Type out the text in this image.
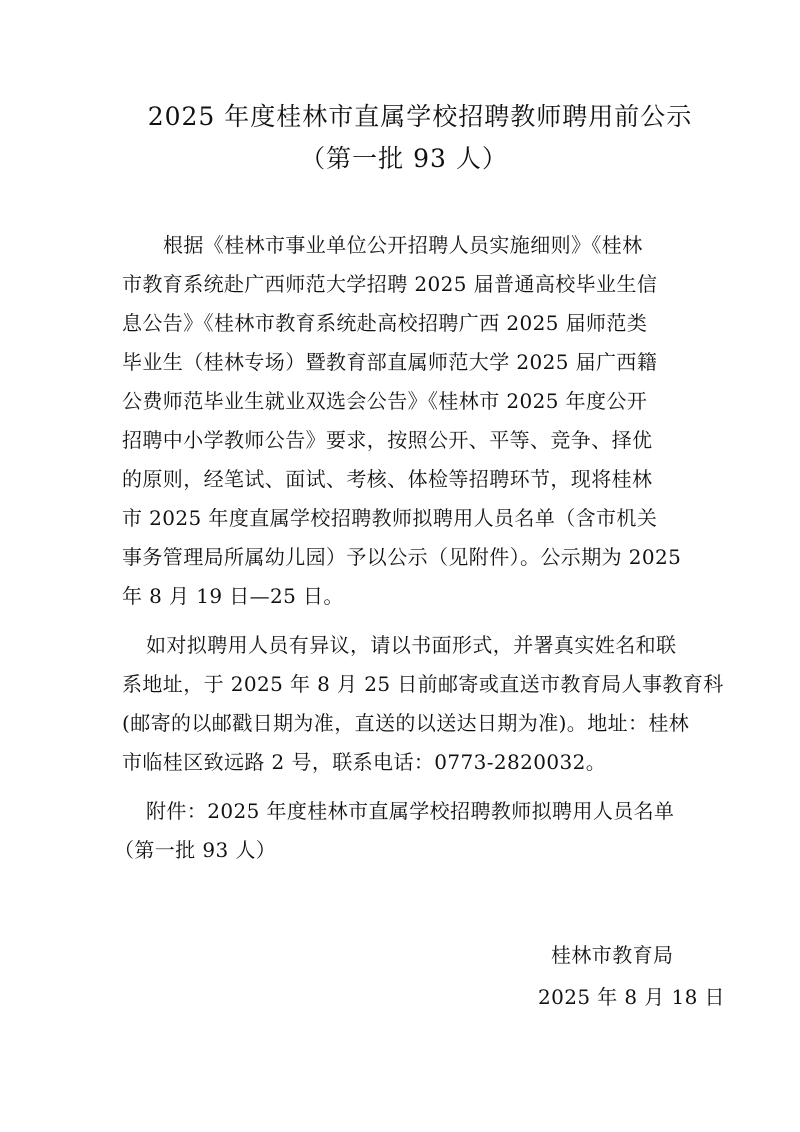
2025 年度桂林市直属学校招聘教师聘用前公示
（第一批 93 人）
根据《桂林市事业单位公开招聘人员实施细则》《桂林
市教育系统赴广西师范大学招聘 2025 届普通高校毕业生信
息公告》《桂林市教育系统赴高校招聘广西 2025 届师范类
毕业生（桂林专场）暨教育部直属师范大学 2025 届广西籍
公费师范毕业生就业双选会公告》《桂林市 2025 年度公开
招聘中小学教师公告》要求，按照公开、平等、竞争、择优
的原则，经笔试、面试、考核、体检等招聘环节，现将桂林
市 2025 年度直属学校招聘教师拟聘用人员名单（含市机关
事务管理局所属幼儿园）予以公示（见附件）。公示期为 2025
年 8 月 19 日—25 日。
如对拟聘用人员有异议，请以书面形式，并署真实姓名和联
系地址，于 2025 年 8 月 25 日前邮寄或直送市教育局人事教育科
(邮寄的以邮戳日期为准，直送的以送达日期为准)。地址：桂林
市临桂区致远路 2 号，联系电话：0773-2820032。
附件：2025 年度桂林市直属学校招聘教师拟聘用人员名单
（第一批 93 人）
桂林市教育局
2025 年 8 月 18 日
